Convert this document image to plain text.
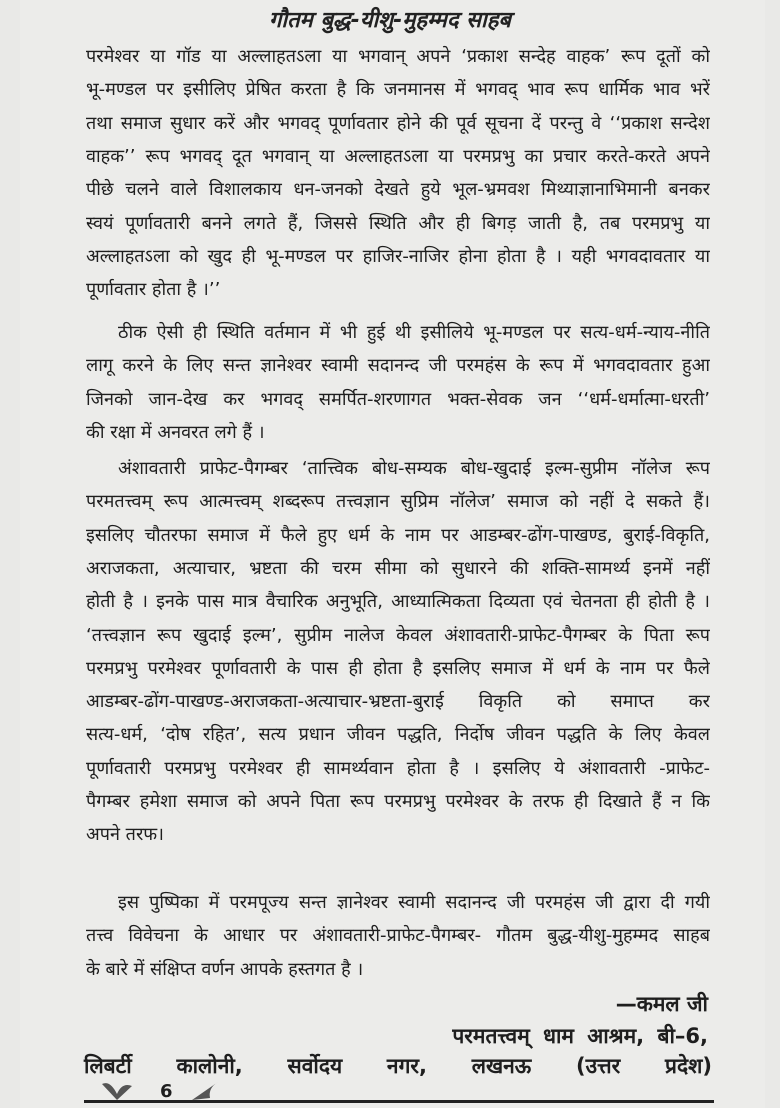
गौतम बुद्ध-यीशु-मुहम्मद साहब
परमेश्वर या गॉड या अल्लाहतऽला या भगवान् अपने ‘प्रकाश सन्देह वाहक’ रूप दूतों को
भू-मण्डल पर इसीलिए प्रेषित करता है कि जनमानस में भगवद् भाव रूप धार्मिक भाव भरें
तथा समाज सुधार करें और भगवद् पूर्णावतार होने की पूर्व सूचना दें परन्तु वे ‘‘प्रकाश सन्देश
वाहक’’ रूप भगवद् दूत भगवान् या अल्लाहतऽला या परमप्रभु का प्रचार करते-करते अपने
पीछे चलने वाले विशालकाय धन-जनको देखते हुये भूल-भ्रमवश मिथ्याज्ञानाभिमानी बनकर
स्वयं पूर्णावतारी बनने लगते हैं, जिससे स्थिति और ही बिगड़ जाती है, तब परमप्रभु या
अल्लाहतऽला को खुद ही भू-मण्डल पर हाजिर-नाजिर होना होता है । यही भगवदावतार या
पूर्णावतार होता है ।’’
ठीक ऐसी ही स्थिति वर्तमान में भी हुई थी इसीलिये भू-मण्डल पर सत्य-धर्म-न्याय-नीति
लागू करने के लिए सन्त ज्ञानेश्वर स्वामी सदानन्द जी परमहंस के रूप में भगवदावतार हुआ
जिनको जान-देख कर भगवद् समर्पित-शरणागत भक्त-सेवक जन ‘‘धर्म-धर्मात्मा-धरती’
की रक्षा में अनवरत लगे हैं ।
अंशावतारी प्राफेट-पैगम्बर ‘तात्त्विक बोध-सम्यक बोध-खुदाई इल्म-सुप्रीम नॉलेज रूप
परमतत्त्वम् रूप आत्मत्त्वम् शब्दरूप तत्त्वज्ञान सुप्रिम नॉलेज’ समाज को नहीं दे सकते हैं।
इसलिए चौतरफा समाज में फैले हुए धर्म के नाम पर आडम्बर-ढोंग-पाखण्ड, बुराई-विकृति,
अराजकता, अत्याचार, भ्रष्टता की चरम सीमा को सुधारने की शक्ति-सामर्थ्य इनमें नहीं
होती है । इनके पास मात्र वैचारिक अनुभूति, आध्यात्मिकता दिव्यता एवं चेतनता ही होती है ।
‘तत्त्वज्ञान रूप खुदाई इल्म’, सुप्रीम नालेज केवल अंशावतारी-प्राफेट-पैगम्बर के पिता रूप
परमप्रभु परमेश्वर पूर्णावतारी के पास ही होता है इसलिए समाज में धर्म के नाम पर फैले
आडम्बर-ढोंग-पाखण्ड-अराजकता-अत्याचार-भ्रष्टता-बुराई विकृति को समाप्त कर
सत्य-धर्म, ‘दोष रहित’, सत्य प्रधान जीवन पद्धति, निर्दोष जीवन पद्धति के लिए केवल
पूर्णावतारी परमप्रभु परमेश्वर ही सामर्थ्यवान होता है । इसलिए ये अंशावतारी -प्राफेट-
पैगम्बर हमेशा समाज को अपने पिता रूप परमप्रभु परमेश्वर के तरफ ही दिखाते हैं न कि
अपने तरफ।
इस पुष्पिका में परमपूज्य सन्त ज्ञानेश्वर स्वामी सदानन्द जी परमहंस जी द्वारा दी गयी
तत्त्व विवेचना के आधार पर अंशावतारी-प्राफेट-पैगम्बर- गौतम बुद्ध-यीशु-मुहम्मद साहब
के बारे में संक्षिप्त वर्णन आपके हस्तगत है ।
—कमल जी
परमतत्त्वम् धाम आश्रम, बी–6,
लिबर्टी कालोनी, सर्वोदय नगर, लखनऊ (उत्तर प्रदेश)
6
